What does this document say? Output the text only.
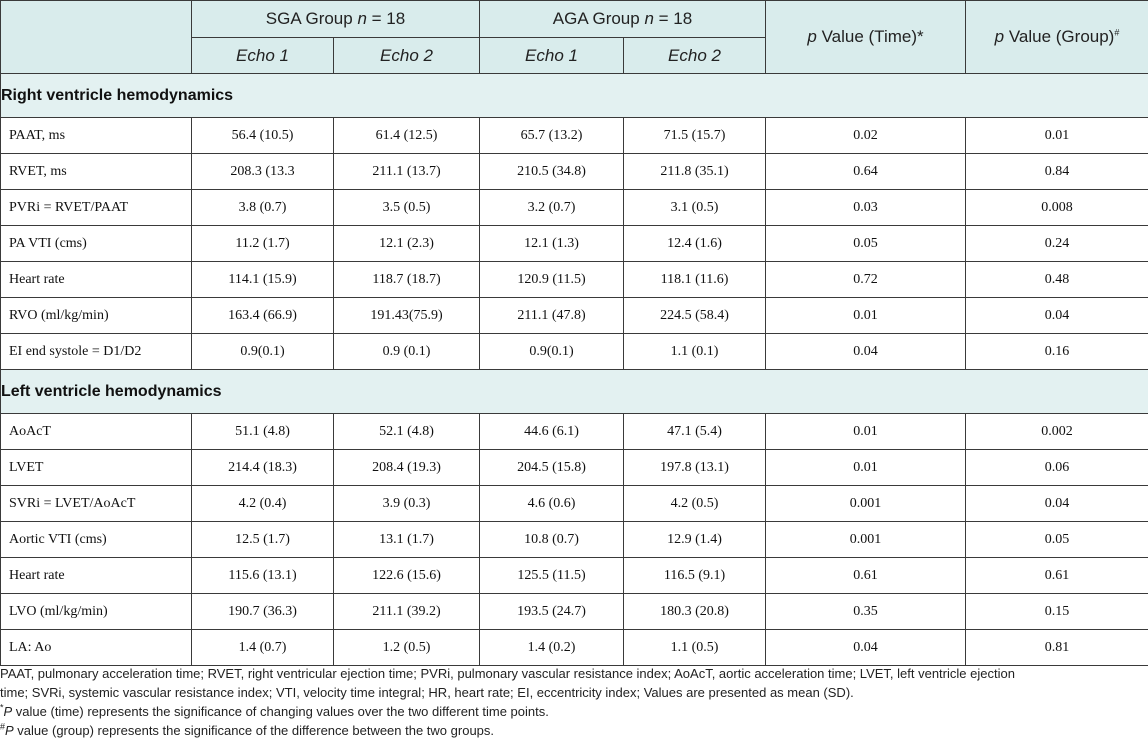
	SGA Group n = 18		AGA Group n = 18		p Value (Time)*	p Value (Group)#
	Echo 1	Echo 2	Echo 1	Echo 2		
Right ventricle hemodynamics						
PAAT, ms	56.4 (10.5)	61.4 (12.5)	65.7 (13.2)	71.5 (15.7)	0.02	0.01
RVET, ms	208.3 (13.3	211.1 (13.7)	210.5 (34.8)	211.8 (35.1)	0.64	0.84
PVRi = RVET/PAAT	3.8 (0.7)	3.5 (0.5)	3.2 (0.7)	3.1 (0.5)	0.03	0.008
PA VTI (cms)	11.2 (1.7)	12.1 (2.3)	12.1 (1.3)	12.4 (1.6)	0.05	0.24
Heart rate	114.1 (15.9)	118.7 (18.7)	120.9 (11.5)	118.1 (11.6)	0.72	0.48
RVO (ml/kg/min)	163.4 (66.9)	191.43(75.9)	211.1 (47.8)	224.5 (58.4)	0.01	0.04
EI end systole = D1/D2	0.9(0.1)	0.9 (0.1)	0.9(0.1)	1.1 (0.1)	0.04	0.16
Left ventricle hemodynamics						
AoAcT	51.1 (4.8)	52.1 (4.8)	44.6 (6.1)	47.1 (5.4)	0.01	0.002
LVET	214.4 (18.3)	208.4 (19.3)	204.5 (15.8)	197.8 (13.1)	0.01	0.06
SVRi = LVET/AoAcT	4.2 (0.4)	3.9 (0.3)	4.6 (0.6)	4.2 (0.5)	0.001	0.04
Aortic VTI (cms)	12.5 (1.7)	13.1 (1.7)	10.8 (0.7)	12.9 (1.4)	0.001	0.05
Heart rate	115.6 (13.1)	122.6 (15.6)	125.5 (11.5)	116.5 (9.1)	0.61	0.61
LVO (ml/kg/min)	190.7 (36.3)	211.1 (39.2)	193.5 (24.7)	180.3 (20.8)	0.35	0.15
LA: Ao	1.4 (0.7)	1.2 (0.5)	1.4 (0.2)	1.1 (0.5)	0.04	0.81

PAAT, pulmonary acceleration time; RVET, right ventricular ejection time; PVRi, pulmonary vascular resistance index; AoAcT, aortic acceleration time; LVET, left ventricle ejection

time; SVRi, systemic vascular resistance index; VTI, velocity time integral; HR, heart rate; EI, eccentricity index; Values are presented as mean (SD).

*P value (time) represents the significance of changing values over the two different time points.

#P value (group) represents the significance of the difference between the two groups.
